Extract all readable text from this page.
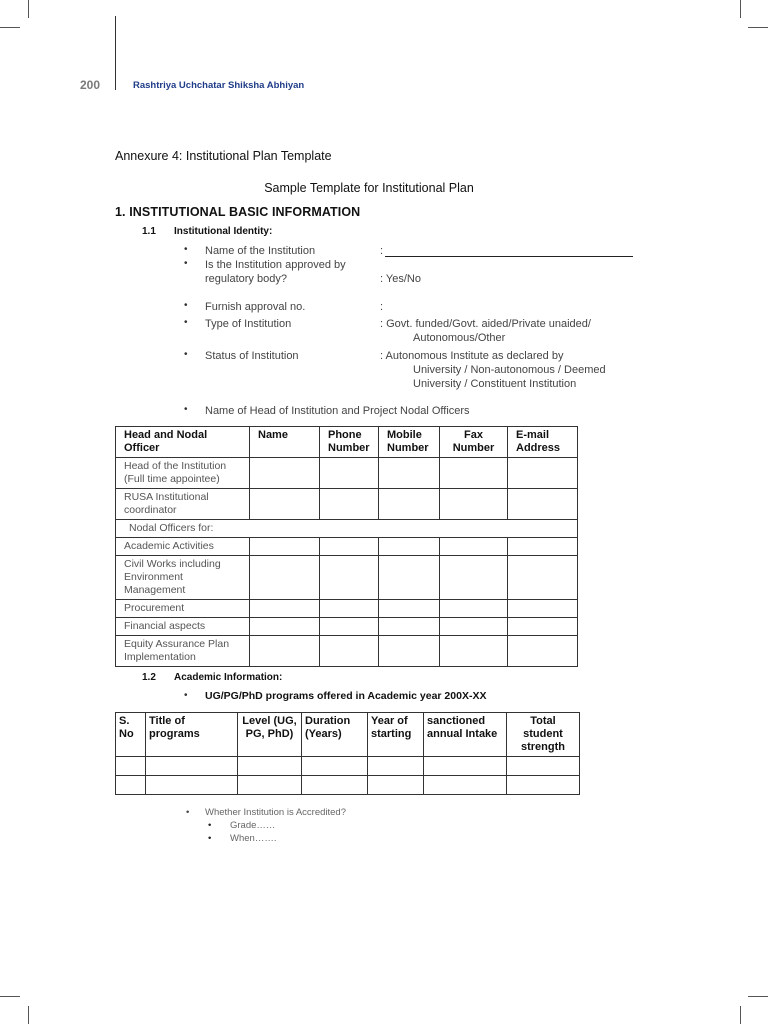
200	Rashtriya Uchchatar Shiksha Abhiyan
Annexure 4: Institutional Plan Template
Sample Template for Institutional Plan
1. INSTITUTIONAL BASIC INFORMATION
1.1 Institutional Identity:
• Name of the Institution	:
• Is the Institution approved by
regulatory body?	: Yes/No
• Furnish approval no.	:
• Type of Institution	: Govt. funded/Govt. aided/Private unaided/
Autonomous/Other
• Status of Institution	: Autonomous Institute as declared by
University / Non-autonomous / Deemed
University / Constituent Institution
• Name of Head of Institution and Project Nodal Officers
Head and Nodal Officer	Name	Phone Number	Mobile Number	Fax Number	E-mail Address
Head of the Institution (Full time appointee)					
RUSA Institutional coordinator					
Nodal Officers for:					
Academic Activities					
Civil Works including Environment Management					
Procurement					
Financial aspects					
Equity Assurance Plan Implementation					
1.2 Academic Information:
• UG/PG/PhD programs offered in Academic year 200X-XX
S. No	Title of programs	Level (UG, PG, PhD)	Duration (Years)	Year of starting	sanctioned annual Intake	Total student strength

• Whether Institution is Accredited?
• Grade……
• When…….
